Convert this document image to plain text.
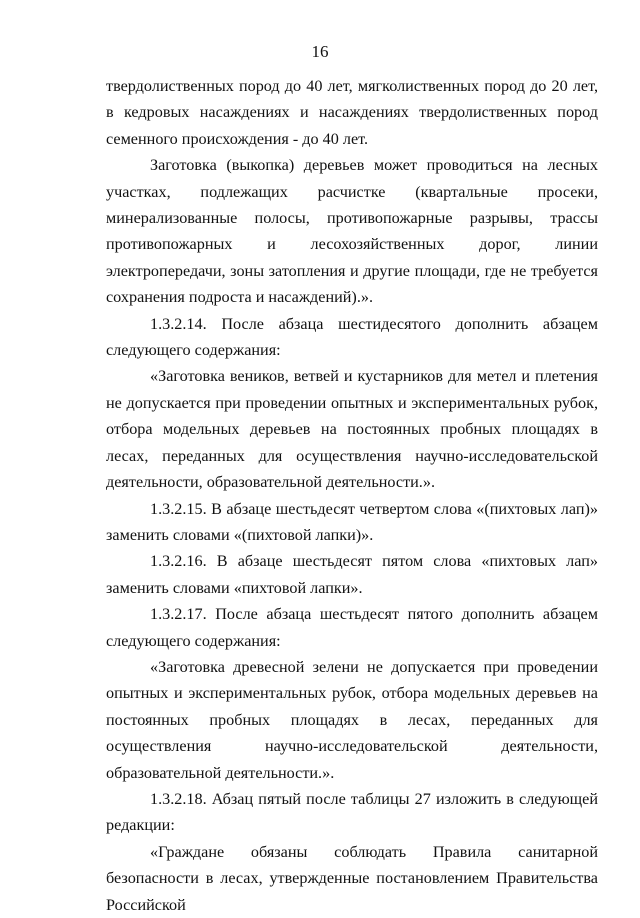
16

твердолиственных пород до 40 лет, мягколиственных пород до 20 лет, в кедровых насаждениях и насаждениях твердолиственных пород семенного происхождения - до 40 лет.

Заготовка (выкопка) деревьев может проводиться на лесных участках, подлежащих расчистке (квартальные просеки, минерализованные полосы, противопожарные разрывы, трассы противопожарных и лесохозяйственных дорог, линии электропередачи, зоны затопления и другие площади, где не требуется сохранения подроста и насаждений).».

1.3.2.14. После абзаца шестидесятого дополнить абзацем следующего содержания:

«Заготовка веников, ветвей и кустарников для метел и плетения не допускается при проведении опытных и экспериментальных рубок, отбора модельных деревьев на постоянных пробных площадях в лесах, переданных для осуществления научно-исследовательской деятельности, образовательной деятельности.».

1.3.2.15. В абзаце шестьдесят четвертом слова «(пихтовых лап)» заменить словами «(пихтовой лапки)».

1.3.2.16. В абзаце шестьдесят пятом слова «пихтовых лап» заменить словами «пихтовой лапки».

1.3.2.17. После абзаца шестьдесят пятого дополнить абзацем следующего содержания:

«Заготовка древесной зелени не допускается при проведении опытных и экспериментальных рубок, отбора модельных деревьев на постоянных пробных площадях в лесах, переданных для осуществления научно-исследовательской деятельности, образовательной деятельности.».

1.3.2.18. Абзац пятый после таблицы 27 изложить в следующей редакции:

«Граждане обязаны соблюдать Правила санитарной безопасности в лесах, утвержденные постановлением Правительства Российской
